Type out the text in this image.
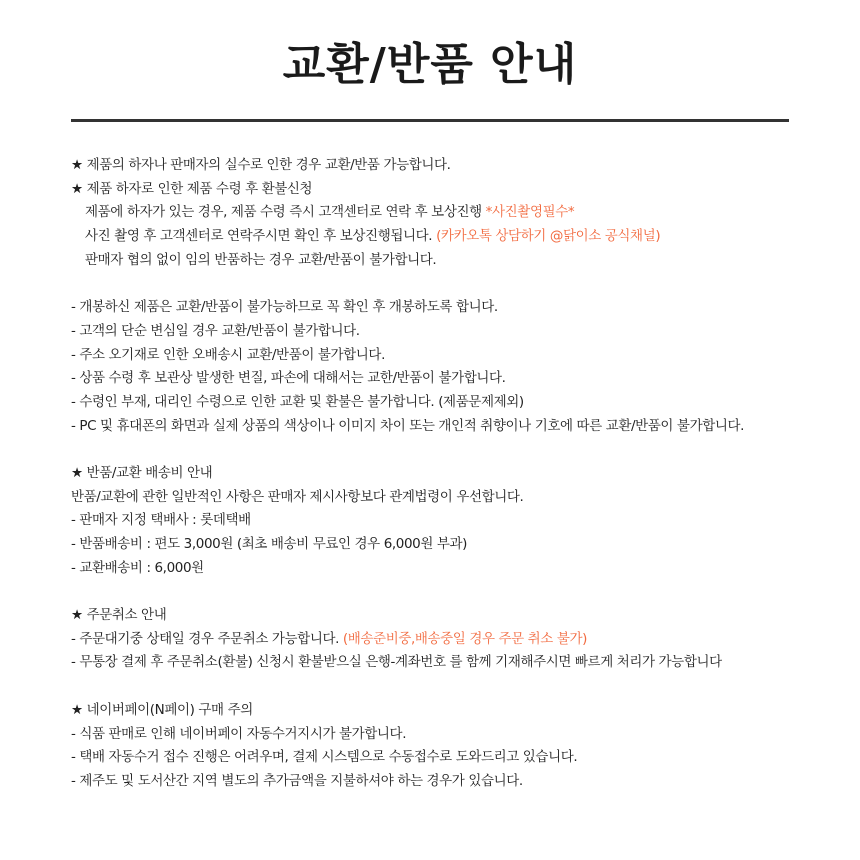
교환/반품 안내
★ 제품의 하자나 판매자의 실수로 인한 경우 교환/반품 가능합니다.
★ 제품 하자로 인한 제품 수령 후 환불신청
제품에 하자가 있는 경우, 제품 수령 즉시 고객센터로 연락 후 보상진행 *사진촬영필수*
사진 촬영 후 고객센터로 연락주시면 확인 후 보상진행됩니다. (카카오톡 상담하기 @닭이소 공식채널)
판매자 협의 없이 임의 반품하는 경우 교환/반품이 불가합니다.
- 개봉하신 제품은 교환/반품이 불가능하므로 꼭 확인 후 개봉하도록 합니다.
- 고객의 단순 변심일 경우 교환/반품이 불가합니다.
- 주소 오기재로 인한 오배송시 교환/반품이 불가합니다.
- 상품 수령 후 보관상 발생한 변질, 파손에 대해서는 교한/반품이 불가합니다.
- 수령인 부재, 대리인 수령으로 인한 교환 및 환불은 불가합니다. (제품문제제외)
- PC 및 휴대폰의 화면과 실제 상품의 색상이나 이미지 차이 또는 개인적 취향이나 기호에 따른 교환/반품이 불가합니다.
★ 반품/교환 배송비 안내
반품/교환에 관한 일반적인 사항은 판매자 제시사항보다 관계법령이 우선합니다.
- 판매자 지정 택배사 : 롯데택배
- 반품배송비 : 편도 3,000원 (최초 배송비 무료인 경우 6,000원 부과)
- 교환배송비 : 6,000원
★ 주문취소 안내
- 주문대기중 상태일 경우 주문취소 가능합니다. (배송준비중,배송중일 경우 주문 취소 불가)
- 무통장 결제 후 주문취소(환불) 신청시 환불받으실 은행-계좌번호 를 함께 기재해주시면 빠르게 처리가 가능합니다
★ 네이버페이(N페이) 구매 주의
- 식품 판매로 인해 네이버페이 자동수거지시가 불가합니다.
- 택배 자동수거 접수 진행은 어려우며, 결제 시스템으로 수동접수로 도와드리고 있습니다.
- 제주도 및 도서산간 지역 별도의 추가금액을 지불하셔야 하는 경우가 있습니다.
